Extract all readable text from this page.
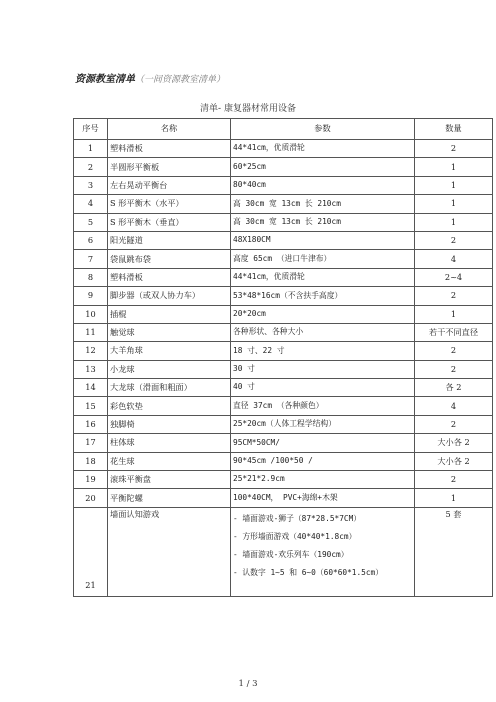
资源教室清单（一间资源教室清单）
清单- 康复器材常用设备
序号	名称	参数	数量
1	塑料滑板	44*41cm，优质滑轮	2
2	半圆形平衡板	60*25cm	1
3	左右晃动平衡台	80*40cm	1
4	S 形平衡木（水平）	高 30cm 宽 13cm 长 210cm	1
5	S 形平衡木（垂直）	高 30cm 宽 13cm 长 210cm	1
6	阳光隧道	48X180CM	2
7	袋鼠跳布袋	高度 65cm （进口牛津布）	4
8	塑料滑板	44*41cm，优质滑轮	2~4
9	脚步器（或双人协力车）	53*48*16cm（不含扶手高度）	2
10	插棍	20*20cm	1
11	触觉球	各种形状、各种大小	若干不同直径
12	大羊角球	18 寸、22 寸	2
13	小龙球	30 寸	2
14	大龙球（滑面和粗面）	40 寸	各 2
15	彩色软垫	直径 37cm （各种颜色）	4
16	独脚椅	25*20cm（人体工程学结构）	2
17	柱体球	95CM*50CM/	大小各 2
18	花生球	90*45cm /100*50 /	大小各 2
19	滚珠平衡盘	25*21*2.9cm	2
20	平衡陀螺	100*40CM， PVC+海绵+木架	1
21	墙面认知游戏	- 墙面游戏-狮子（87*28.5*7CM）
- 方形墙面游戏（40*40*1.8cm）
- 墙面游戏-欢乐列车（190cm）
- 认数字 1~5 和 6~0（60*60*1.5cm）	5 套
1 / 3
